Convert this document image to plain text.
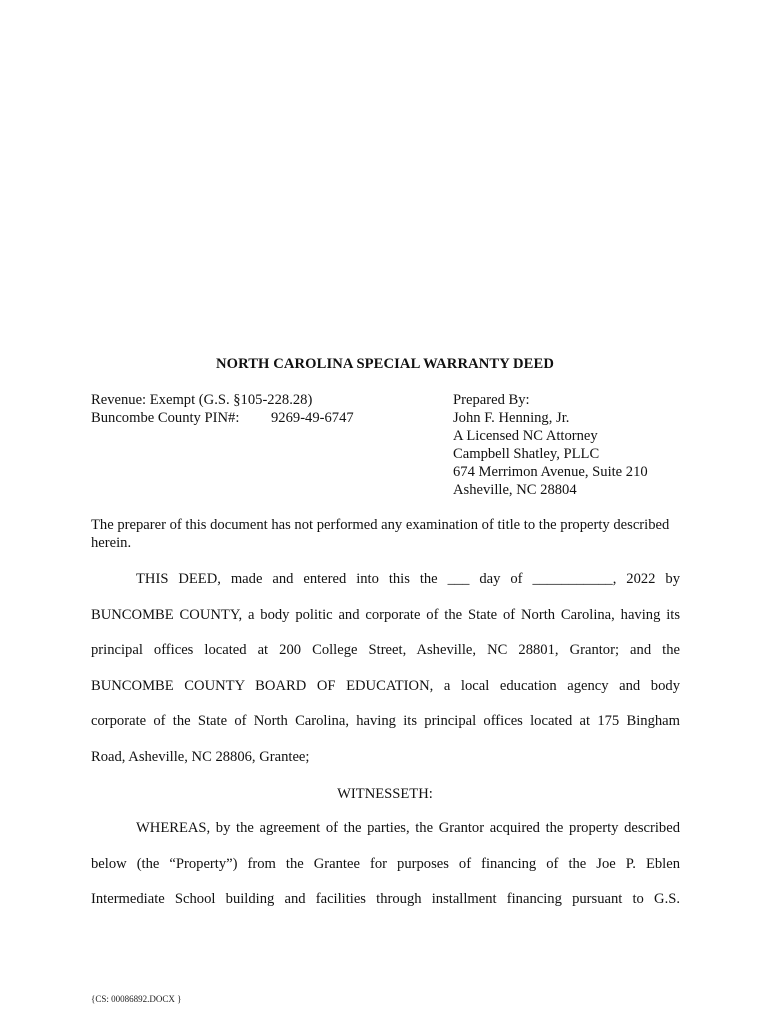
NORTH CAROLINA SPECIAL WARRANTY DEED
Revenue: Exempt (G.S. §105-228.28)
Buncombe County PIN#:	9269-49-6747
Prepared By:
John F. Henning, Jr.
A Licensed NC Attorney
Campbell Shatley, PLLC
674 Merrimon Avenue, Suite 210
Asheville, NC 28804
The preparer of this document has not performed any examination of title to the property described herein.
THIS DEED, made and entered into this the ___ day of ___________, 2022 by
BUNCOMBE COUNTY, a body politic and corporate of the State of North Carolina, having its
principal offices located at 200 College Street, Asheville, NC 28801, Grantor; and the
BUNCOMBE COUNTY BOARD OF EDUCATION, a local education agency and body
corporate of the State of North Carolina, having its principal offices located at 175 Bingham
Road, Asheville, NC 28806, Grantee;
WITNESSETH:
WHEREAS, by the agreement of the parties, the Grantor acquired the property described
below (the “Property”) from the Grantee for purposes of financing of the Joe P. Eblen
Intermediate School building and facilities through installment financing pursuant to G.S.
{CS: 00086892.DOCX }
